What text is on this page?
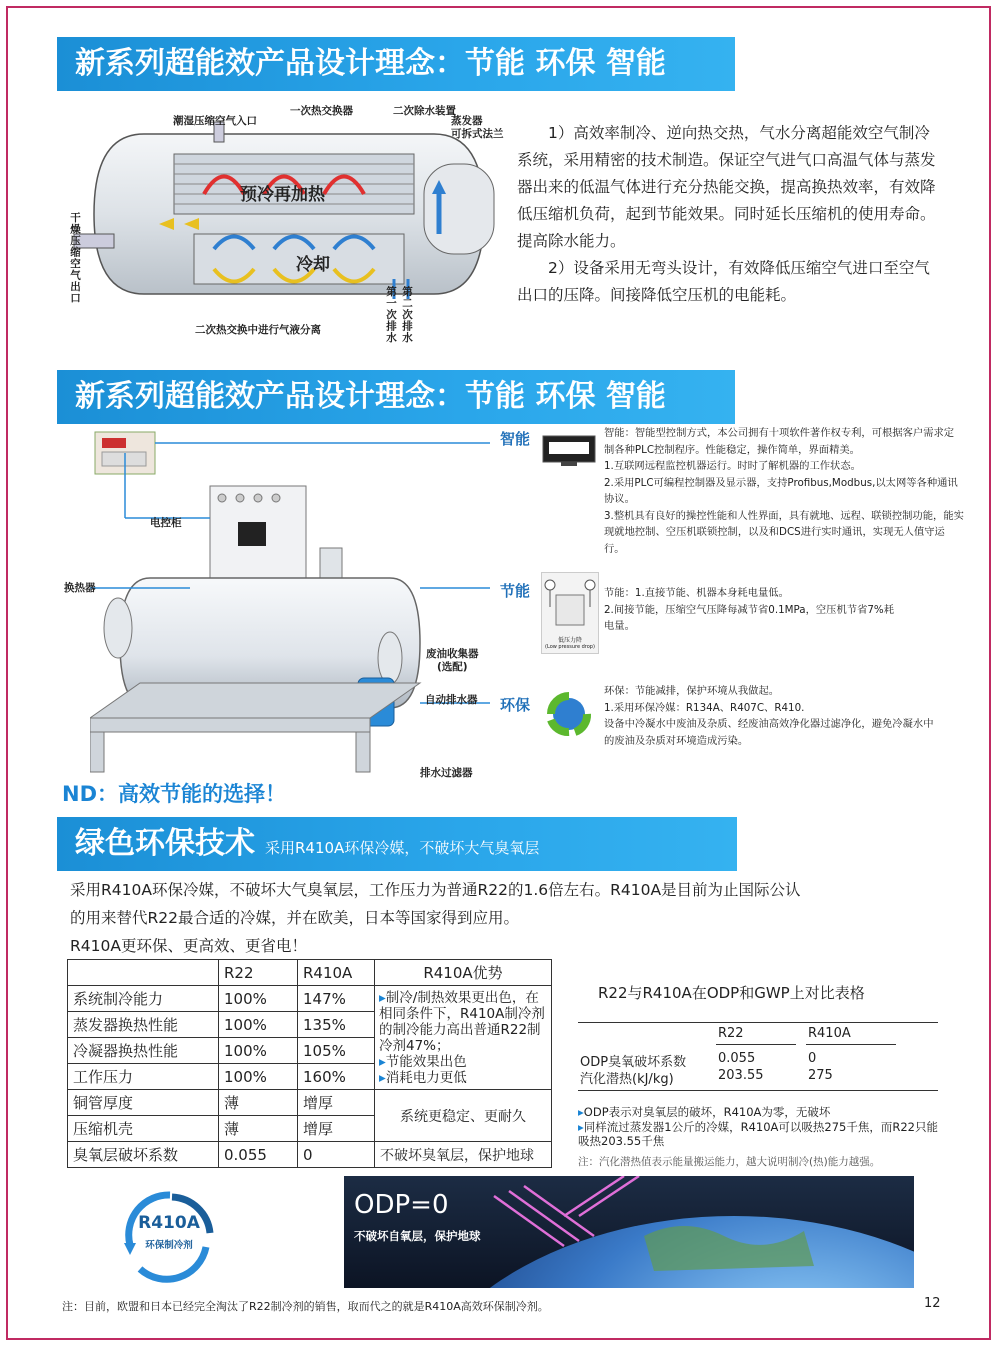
新系列超能效产品设计理念：节能 环保 智能
潮湿压缩空气入口
一次热交换器	二次除水装置
蒸发器
可拆式法兰
预冷再加热
冷却
干燥压缩空气出口
二次热交换中进行气液分离	第一次排水 第二次排水

1）高效率制冷、逆向热交热，气水分离超能效空气制冷系统，采用精密的技术制造。保证空气进气口高温气体与蒸发器出来的低温气体进行充分热能交换，提高换热效率，有效降低压缩机负荷，起到节能效果。同时延长压缩机的使用寿命。提高除水能力。

2）设备采用无弯头设计，有效降低压缩空气进口至空气出口的压降。间接降低空压机的电能耗。

新系列超能效产品设计理念：节能 环保 智能
电控柜
换热器
废油收集器
(选配)
自动排水器
排水过滤器
智能
节能
环保
低压力降
(Low pressure drop)
智能：智能型控制方式，本公司拥有十项软件著作权专利，可根据客户需求定制各种PLC控制程序。性能稳定，操作简单，界面精美。
1.互联网远程监控机器运行。时时了解机器的工作状态。
2.采用PLC可编程控制器及显示器，支持Profibus,Modbus,以太网等各种通讯协议。
3.整机具有良好的操控性能和人性界面，具有就地、远程、联锁控制功能，能实现就地控制、空压机联锁控制，以及和DCS进行实时通讯，实现无人值守运行。
节能：1.直接节能、机器本身耗电量低。
2.间接节能，压缩空气压降每减节省0.1MPa，空压机节省7%耗电量。
环保：节能减排，保护环境从我做起。
1.采用环保冷媒：R134A、R407C、R410.
设备中冷凝水中废油及杂质、经废油高效净化器过滤净化，避免冷凝水中的废油及杂质对环境造成污染。
ND：高效节能的选择！
绿色环保技术 采用R410A环保冷媒，不破坏大气臭氧层
采用R410A环保冷媒，不破坏大气臭氧层，工作压力为普通R22的1.6倍左右。R410A是目前为止国际公认
的用来替代R22最合适的冷媒，并在欧美，日本等国家得到应用。
R410A更环保、更高效、更省电！
	R22	R410A	R410A优势
系统制冷能力	100%	147%	▸制冷/制热效果更出色，在相同条件下，R410A制冷剂的制冷能力高出普通R22制冷剂47%；
▸节能效果出色
▸消耗电力更低

蒸发器换热性能	100%	135%	
冷凝器换热性能	100%	105%	
工作压力	100%	160%	
铜管厚度	薄	增厚	系统更稳定、更耐久
压缩机壳	薄	增厚	
臭氧层破坏系数	0.055	0	不破坏臭氧层，保护地球
R22与R410A在ODP和GWP上对比表格
R22	R410A
ODP臭氧破坏系数 0.055	0
汽化潜热(kJ/kg)	203.55	275
▸ODP表示对臭氧层的破坏，R410A为零，无破坏
▸同样流过蒸发器1公斤的冷媒，R410A可以吸热275千焦，而R22只能吸热203.55千焦
注：汽化潜热值表示能量搬运能力，越大说明制冷(热)能力越强。
R410A
环保制冷剂
ODP=0
不破坏自氧层，保护地球
注：目前，欧盟和日本已经完全淘汰了R22制冷剂的销售，取而代之的就是R410A高效环保制冷剂。	12
